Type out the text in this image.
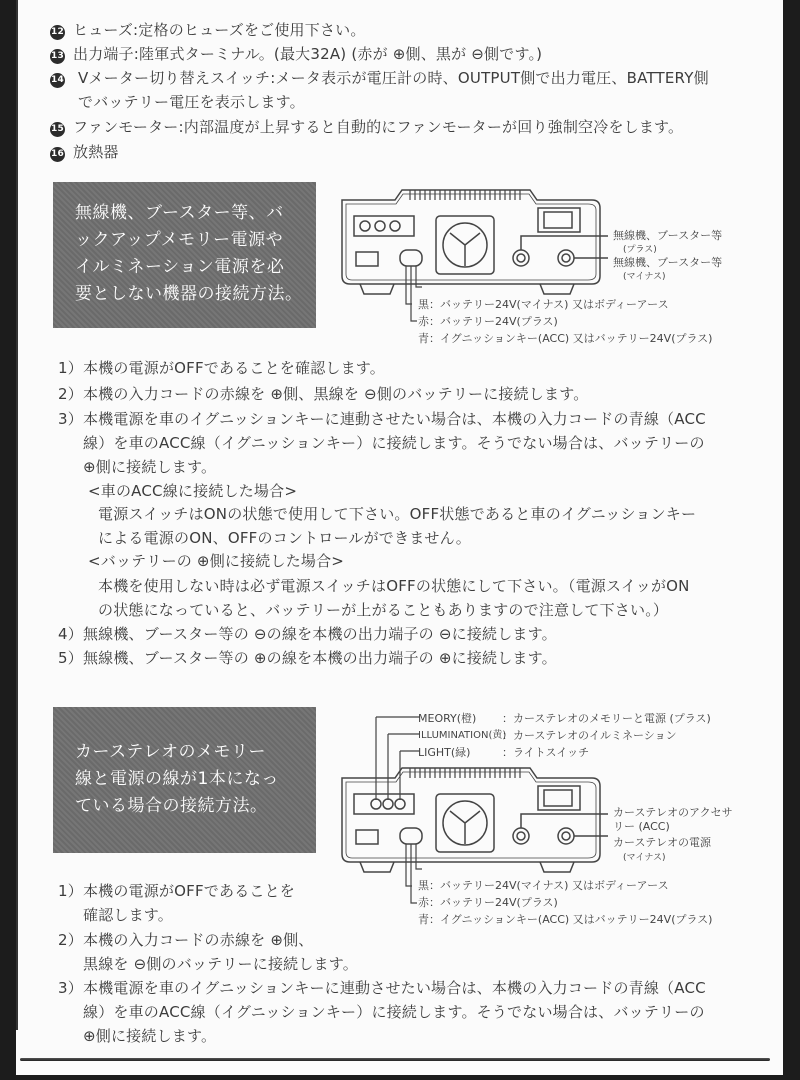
12 ヒューズ:定格のヒューズをご使用下さい。
13 出力端子:陸軍式ターミナル。(最大32A) (赤が ⊕側、黒が ⊖側です。)
14 Vメーター切り替えスイッチ:メータ表示が電圧計の時、OUTPUT側で出力電圧、BATTERY側
でバッテリー電圧を表示します。
15 ファンモーター:内部温度が上昇すると自動的にファンモーターが回り強制空冷をします。
16 放熱器
無線機、ブースター等、バ
ックアップメモリー電源や
イルミネーション電源を必
要としない機器の接続方法。
無線機、ブースター等
(プラス)
無線機、ブースター等
(マイナス)
黒：バッテリー24V(マイナス) 又はボディーアース
赤：バッテリー24V(プラス)
青：イグニッションキー(ACC) 又はバッテリー24V(プラス)
1）本機の電源がOFFであることを確認します。
2）本機の入力コードの赤線を ⊕側、黒線を ⊖側のバッテリーに接続します。
3）本機電源を車のイグニッションキーに連動させたい場合は、本機の入力コードの青線（ACC
線）を車のACC線（イグニッションキー）に接続します。そうでない場合は、バッテリーの
⊕側に接続します。
<車のACC線に接続した場合>
電源スイッチはONの状態で使用して下さい。OFF状態であると車のイグニッションキー
による電源のON、OFFのコントロールができません。
<バッテリーの ⊕側に接続した場合>
本機を使用しない時は必ず電源スイッチはOFFの状態にして下さい。（電源スイッがON
の状態になっていると、バッテリーが上がることもありますので注意して下さい。）
4）無線機、ブースター等の ⊖の線を本機の出力端子の ⊖に接続します。
5）無線機、ブースター等の ⊕の線を本機の出力端子の ⊕に接続します。
カーステレオのメモリー
線と電源の線が1本になっ
ている場合の接続方法。
MEORY(橙) ：カーステレオのメモリーと電源 (プラス)
ILLUMINATION(黄)
：カーステレオのイルミネーション
LIGHT(緑)	：ライトスイッチ
カーステレオのアクセサ
リー (ACC)
カーステレオの電源
(マイナス)
黒：バッテリー24V(マイナス) 又はボディーアース
赤：バッテリー24V(プラス)
青：イグニッションキー(ACC) 又はバッテリー24V(プラス)
1）本機の電源がOFFであることを
確認します。
2）本機の入力コードの赤線を ⊕側、
黒線を ⊖側のバッテリーに接続します。
3）本機電源を車のイグニッションキーに連動させたい場合は、本機の入力コードの青線（ACC
線）を車のACC線（イグニッションキー）に接続します。そうでない場合は、バッテリーの
⊕側に接続します。
